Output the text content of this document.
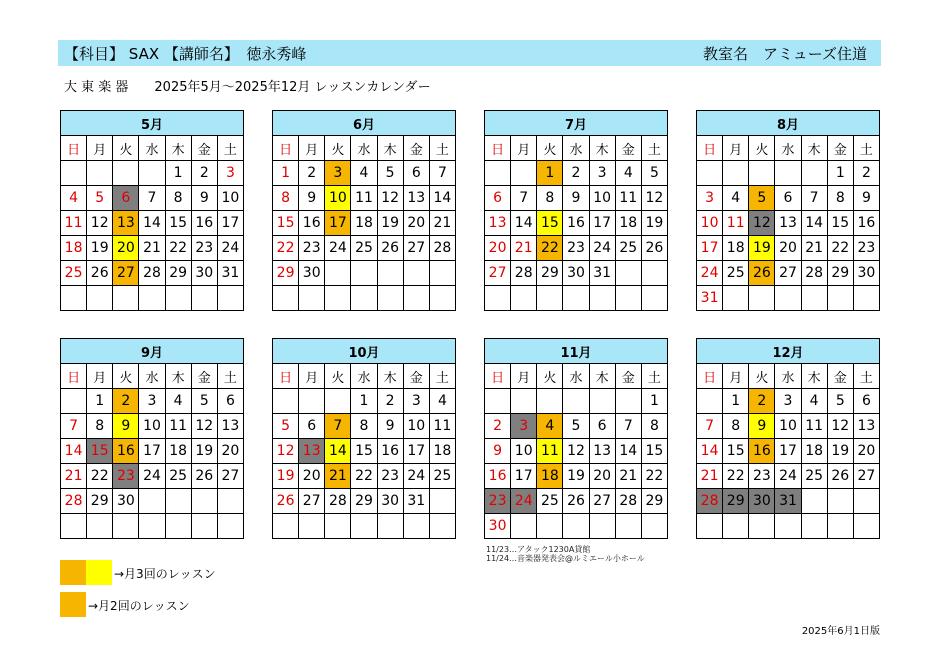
【科目】 SAX 【講師名】　徳永秀峰	教室名　アミューズ住道
大 東 楽 器　　2025年5月～2025年12月 レッスンカレンダー
5月						
日	月	火	水	木	金	土
				1	2	3
4	5	6	7	8	9	10
11	12	13	14	15	16	17
18	19	20	21	22	23	24
25	26	27	28	29	30	31

6月						
日	月	火	水	木	金	土
1	2	3	4	5	6	7
8	9	10	11	12	13	14
15	16	17	18	19	20	21
22	23	24	25	26	27	28
29	30					

7月						
日	月	火	水	木	金	土
		1	2	3	4	5
6	7	8	9	10	11	12
13	14	15	16	17	18	19
20	21	22	23	24	25	26
27	28	29	30	31		

8月						
日	月	火	水	木	金	土
					1	2
3	4	5	6	7	8	9
10	11	12	13	14	15	16
17	18	19	20	21	22	23
24	25	26	27	28	29	30
31						
9月						
日	月	火	水	木	金	土
	1	2	3	4	5	6
7	8	9	10	11	12	13
14	15	16	17	18	19	20
21	22	23	24	25	26	27
28	29	30				

10月						
日	月	火	水	木	金	土
			1	2	3	4
5	6	7	8	9	10	11
12	13	14	15	16	17	18
19	20	21	22	23	24	25
26	27	28	29	30	31	

11月						
日	月	火	水	木	金	土
						1
2	3	4	5	6	7	8
9	10	11	12	13	14	15
16	17	18	19	20	21	22
23	24	25	26	27	28	29
30						
12月						
日	月	火	水	木	金	土
	1	2	3	4	5	6
7	8	9	10	11	12	13
14	15	16	17	18	19	20
21	22	23	24	25	26	27
28	29	30	31			

11/23…アタック1230A貸館
11/24…音楽器発表会@ルミエール小ホール
→月3回のレッスン
→月2回のレッスン
2025年6月1日版
